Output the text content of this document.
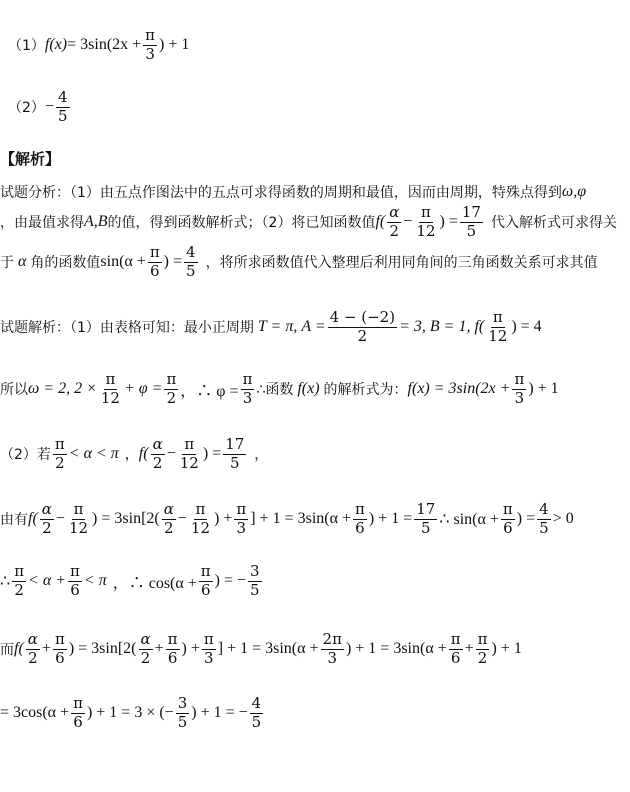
（1） $f(x) = 3\sin(2x + \frac{\pi}{3}$ ) + 1
$(2) - \frac{4}{5}$
【解析】
试题分析：（1）由五点作图法中的五点可求得函数的周期和最值，因而由周期，特殊点得到 ω,φ
，由最值求得 A,B 的值，得到函数解析式；（2）将已知函数值 $f( \frac{\alpha}{2} - \frac{\pi}{12}$ ) = $\frac{17}{5}$ 代入解析式可求得关
于 α 角的函数值 $\sin(\alpha + \frac{\pi}{6}$ ) = $\frac{4}{5}$ ，将所求函数值代入整理后利用同角间的三角函数关系可求其值
试题解析：（1）由表格可知：最小正周期 T = π, $A = \frac{4 - (-2)}{2} = 3$, B = 1, $f( \frac{\pi}{12}$ ) = 4
所以 ω = 2, $2 \times \frac{\pi}{12} + \varphi = \frac{\pi}{2}$ ，∴ $\varphi = \frac{\pi}{3}$ ∴函数 f(x) 的解析式为： $f(x) = 3\sin(2x + \frac{\pi}{3}$ ) + 1
（2）若 $\frac{\pi}{2} < \alpha < \pi$ ， $f( \frac{\alpha}{2} - \frac{\pi}{12}$ ) = $\frac{17}{5}$ ，
由有 $f( \frac{\alpha}{2} - \frac{\pi}{12}$ ) = $3\sin[2( \frac{\alpha}{2} - \frac{\pi}{12}$ ) + $\frac{\pi}{3}$ ] + $1 = 3\sin(\alpha + \frac{\pi}{6}$ ) + $1 = \frac{17}{5}$ ∴ $\sin(\alpha + \frac{\pi}{6}$ ) = $\frac{4}{5} > 0$
∴ $\frac{\pi}{2} < \alpha + \frac{\pi}{6} < \pi$ ，∴ $\cos(\alpha + \frac{\pi}{6}$ ) = − $\frac{3}{5}$
而 $f( \frac{\alpha}{2} + \frac{\pi}{6}$ ) = $3\sin[2( \frac{\alpha}{2} + \frac{\pi}{6}$ ) + $\frac{\pi}{3}$ ] + $1 = 3\sin(\alpha + \frac{2\pi}{3}$ ) + $1 = 3\sin(\alpha + \frac{\pi}{6} + \frac{\pi}{2}$ ) + 1
= $3\cos(\alpha + \frac{\pi}{6}$ ) + 1 = 3 × (− $\frac{3}{5}$ ) + 1 = − $\frac{4}{5}$
